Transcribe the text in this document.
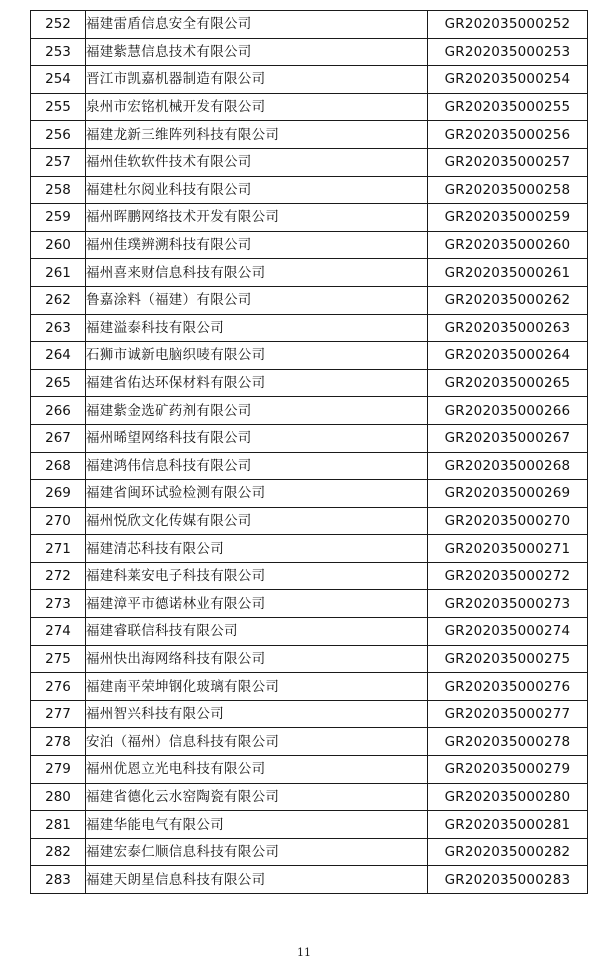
252	福建雷盾信息安全有限公司	GR202035000252
253	福建紫慧信息技术有限公司	GR202035000253
254	晋江市凯嘉机器制造有限公司	GR202035000254
255	泉州市宏铭机械开发有限公司	GR202035000255
256	福建龙新三维阵列科技有限公司	GR202035000256
257	福州佳软软件技术有限公司	GR202035000257
258	福建杜尔阅业科技有限公司	GR202035000258
259	福州晖鹏网络技术开发有限公司	GR202035000259
260	福州佳璞辨溯科技有限公司	GR202035000260
261	福州喜来财信息科技有限公司	GR202035000261
262	鲁嘉涂料（福建）有限公司	GR202035000262
263	福建溢泰科技有限公司	GR202035000263
264	石狮市诚新电脑织唛有限公司	GR202035000264
265	福建省佑达环保材料有限公司	GR202035000265
266	福建紫金选矿药剂有限公司	GR202035000266
267	福州晞望网络科技有限公司	GR202035000267
268	福建鸿伟信息科技有限公司	GR202035000268
269	福建省闽环试验检测有限公司	GR202035000269
270	福州悦欣文化传媒有限公司	GR202035000270
271	福建清芯科技有限公司	GR202035000271
272	福建科莱安电子科技有限公司	GR202035000272
273	福建漳平市德诺林业有限公司	GR202035000273
274	福建睿联信科技有限公司	GR202035000274
275	福州快出海网络科技有限公司	GR202035000275
276	福建南平荣坤钢化玻璃有限公司	GR202035000276
277	福州智兴科技有限公司	GR202035000277
278	安泊（福州）信息科技有限公司	GR202035000278
279	福州优恩立光电科技有限公司	GR202035000279
280	福建省德化云水窑陶瓷有限公司	GR202035000280
281	福建华能电气有限公司	GR202035000281
282	福建宏泰仁顺信息科技有限公司	GR202035000282
283	福建天朗星信息科技有限公司	GR202035000283
11
